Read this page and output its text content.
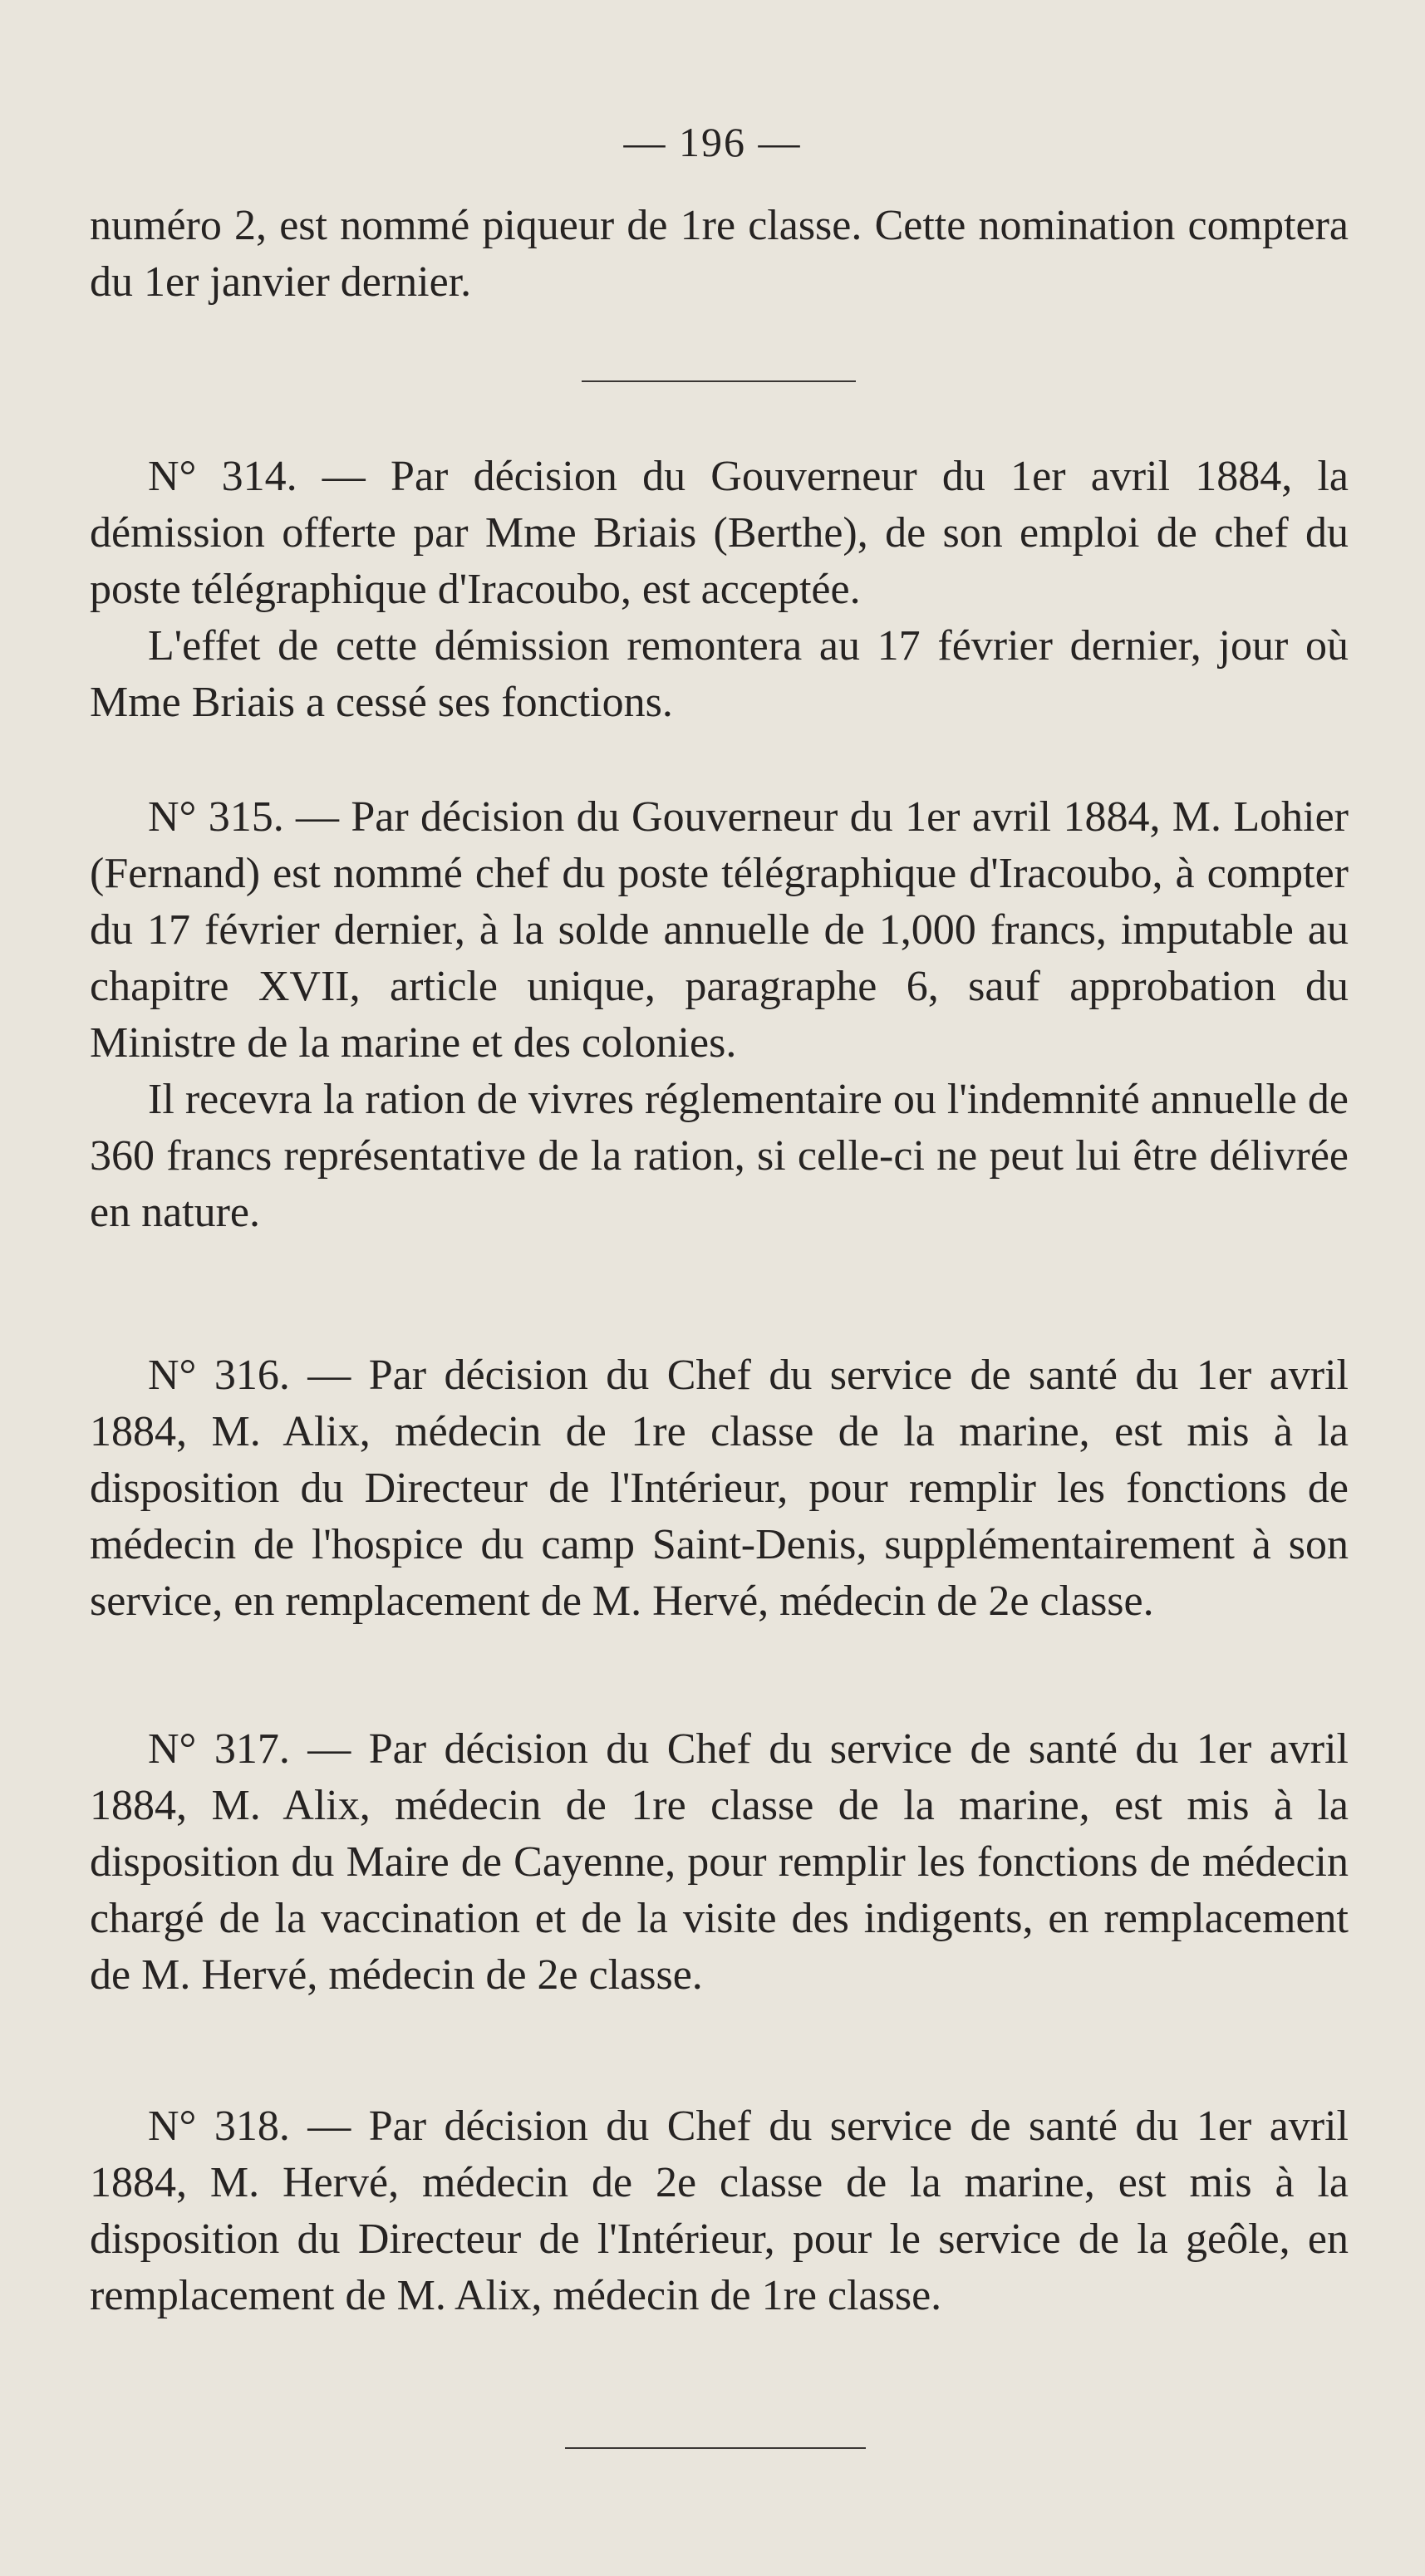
— 196 —

numéro 2, est nommé piqueur de 1re classe. Cette nomination comptera du 1er janvier dernier.

N° 314. — Par décision du Gouverneur du 1er avril 1884, la démission offerte par Mme Briais (Berthe), de son emploi de chef du poste télégraphique d'Iracoubo, est acceptée.

L'effet de cette démission remontera au 17 février dernier, jour où Mme Briais a cessé ses fonctions.

N° 315. — Par décision du Gouverneur du 1er avril 1884, M. Lohier (Fernand) est nommé chef du poste télégraphique d'Iracoubo, à compter du 17 février dernier, à la solde annuelle de 1,000 francs, imputable au chapitre XVII, article unique, paragraphe 6, sauf approbation du Ministre de la marine et des colonies.

Il recevra la ration de vivres réglementaire ou l'indemnité annuelle de 360 francs représentative de la ration, si celle-ci ne peut lui être délivrée en nature.

N° 316. — Par décision du Chef du service de santé du 1er avril 1884, M. Alix, médecin de 1re classe de la marine, est mis à la disposition du Directeur de l'Intérieur, pour remplir les fonctions de médecin de l'hospice du camp Saint-Denis, supplémentairement à son service, en remplacement de M. Hervé, médecin de 2e classe.

N° 317. — Par décision du Chef du service de santé du 1er avril 1884, M. Alix, médecin de 1re classe de la marine, est mis à la disposition du Maire de Cayenne, pour remplir les fonctions de médecin chargé de la vaccination et de la visite des indigents, en remplacement de M. Hervé, médecin de 2e classe.

N° 318. — Par décision du Chef du service de santé du 1er avril 1884, M. Hervé, médecin de 2e classe de la marine, est mis à la disposition du Directeur de l'Intérieur, pour le service de la geôle, en remplacement de M. Alix, médecin de 1re classe.
